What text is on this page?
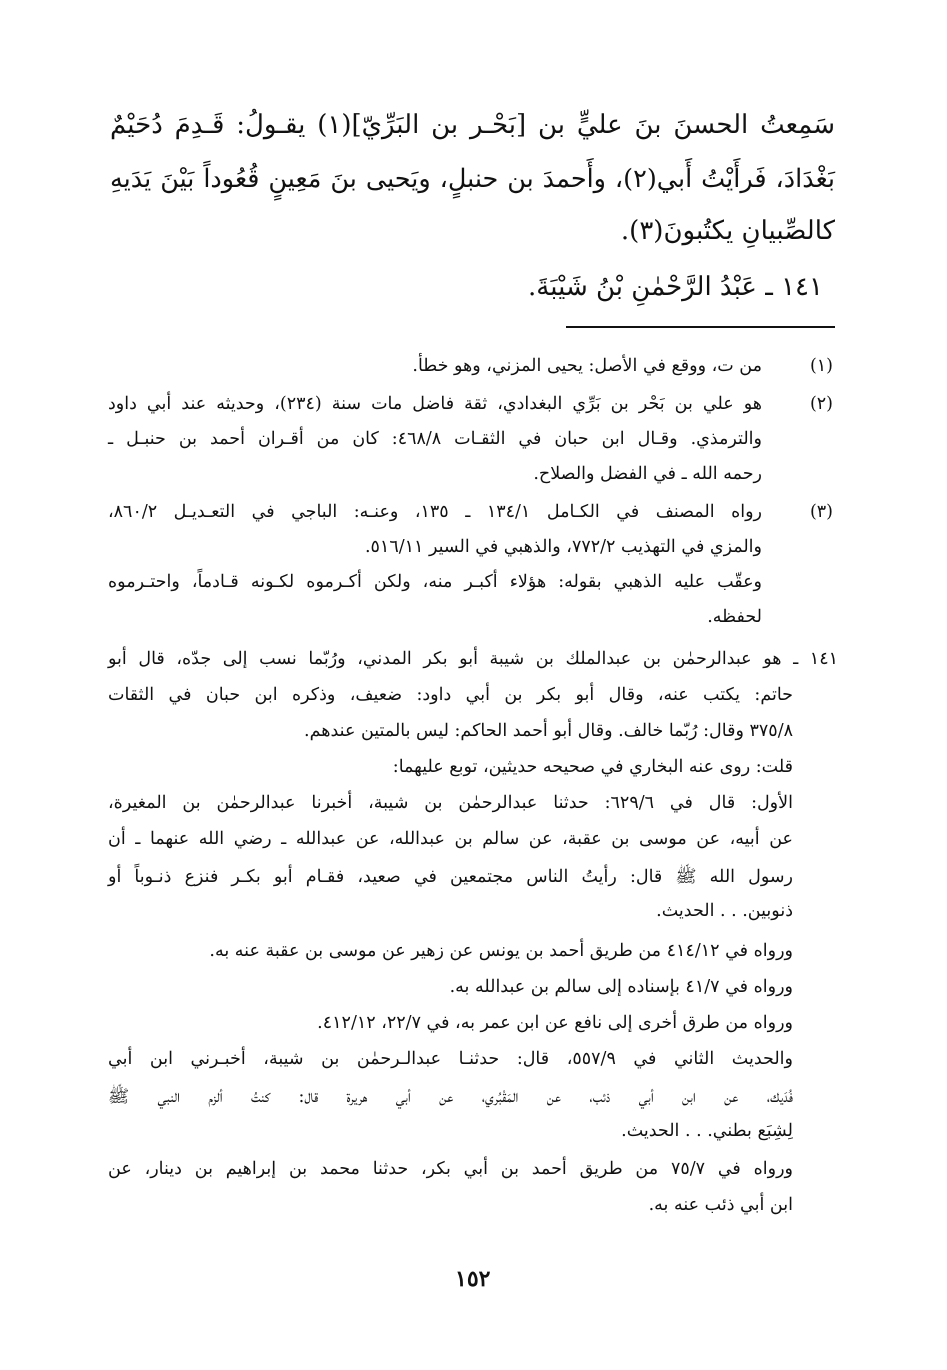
سَمِعتُ الحسنَ بنَ عليٍّ بن [بَحْـر بن البَرِّيّ](١) يقـولُ: قَـدِمَ دُحَيْمٌ
بَغْدَادَ، فَرأَيْتُ أَبي(٢)، وأَحمدَ بن حنبلٍ، ويَحيى بنَ مَعِينٍ قُعُوداً بَيْنَ يَدَيهِ
كالصِّبيانِ يكتُبونَ(٣).
١٤١ ـ عَبْدُ الرَّحْمٰنِ بْنُ شَيْبَةَ.
(١)
من ت، ووقع في الأصل: يحيى المزني، وهو خطأ.
(٢)
هو علي بن بَحْر بن بَرِّي البغدادي، ثقة فاضل مات سنة (٢٣٤)، وحديثه عند أبي داود
والترمذي. وقـال ابن حبان في الثقـات ٤٦٨/٨: كان من أقـران أحمد بن حنبـل ـ
رحمه الله ـ في الفضل والصلاح.
(٣)
رواه المصنف في الكـامل ١٣٤/١ ـ ١٣٥، وعنـه: الباجي في التعـديـل ٨٦٠/٢،
والمزي في التهذيب ٧٧٢/٢، والذهبي في السير ٥١٦/١١.
وعقّب عليه الذهبي بقوله: هؤلاء أكبـر منه، ولكن أكـرموه لكـونه قـادماً، واحتـرموه
لحفظه.
١٤١ ـ هو عبدالرحمٰن بن عبدالملك بن شيبة أبو بكر المدني، ورُبّما نسب إلى جدّه، قال أبو
حاتم: يكتب عنه، وقال أبو بكر بن أبي داود: ضعيف، وذكره ابن حبان في الثقات
٣٧٥/٨ وقال: رُبّما خالف. وقال أبو أحمد الحاكم: ليس بالمتين عندهم.
قلت: روى عنه البخاري في صحيحه حديثين، توبع عليهما:
الأول: قال في ٦٢٩/٦: حدثنا عبدالرحمٰن بن شيبة، أخبرنا عبدالرحمٰن بن المغيرة،
عن أبيه، عن موسى بن عقبة، عن سالم بن عبدالله، عن عبدالله ـ رضي الله عنهما ـ أن
رسول الله ﷺ قال: رأيتُ الناس مجتمعين في صعيد، فقـام أبو بكـر فنزع ذنـوباً أو
ذنوبين. . . الحديث.
ورواه في ٤١٤/١٢ من طريق أحمد بن يونس عن زهير عن موسى بن عقبة عنه به.
ورواه في ٤١/٧ بإسناده إلى سالم بن عبدالله به.
ورواه من طرق أخرى إلى نافع عن ابن عمر به، في ٢٢/٧، ٤١٢/١٢.
والحديث الثاني في ٥٥٧/٩، قال: حدثنـا عبدالـرحمٰن بن شيبة، أخبـرني ابن أبي
فُدَيك، عن ابن أبي ذئب، عن المَقْبُري، عن أبي هريرة قال: كنتُ ألزم النبي ﷺ
لِشِبَع بطني. . . الحديث.
ورواه في ٧٥/٧ من طريق أحمد بن أبي بكر، حدثنا محمد بن إبراهيم بن دينار، عن
ابن أبي ذئب عنه به.
١٥٢
